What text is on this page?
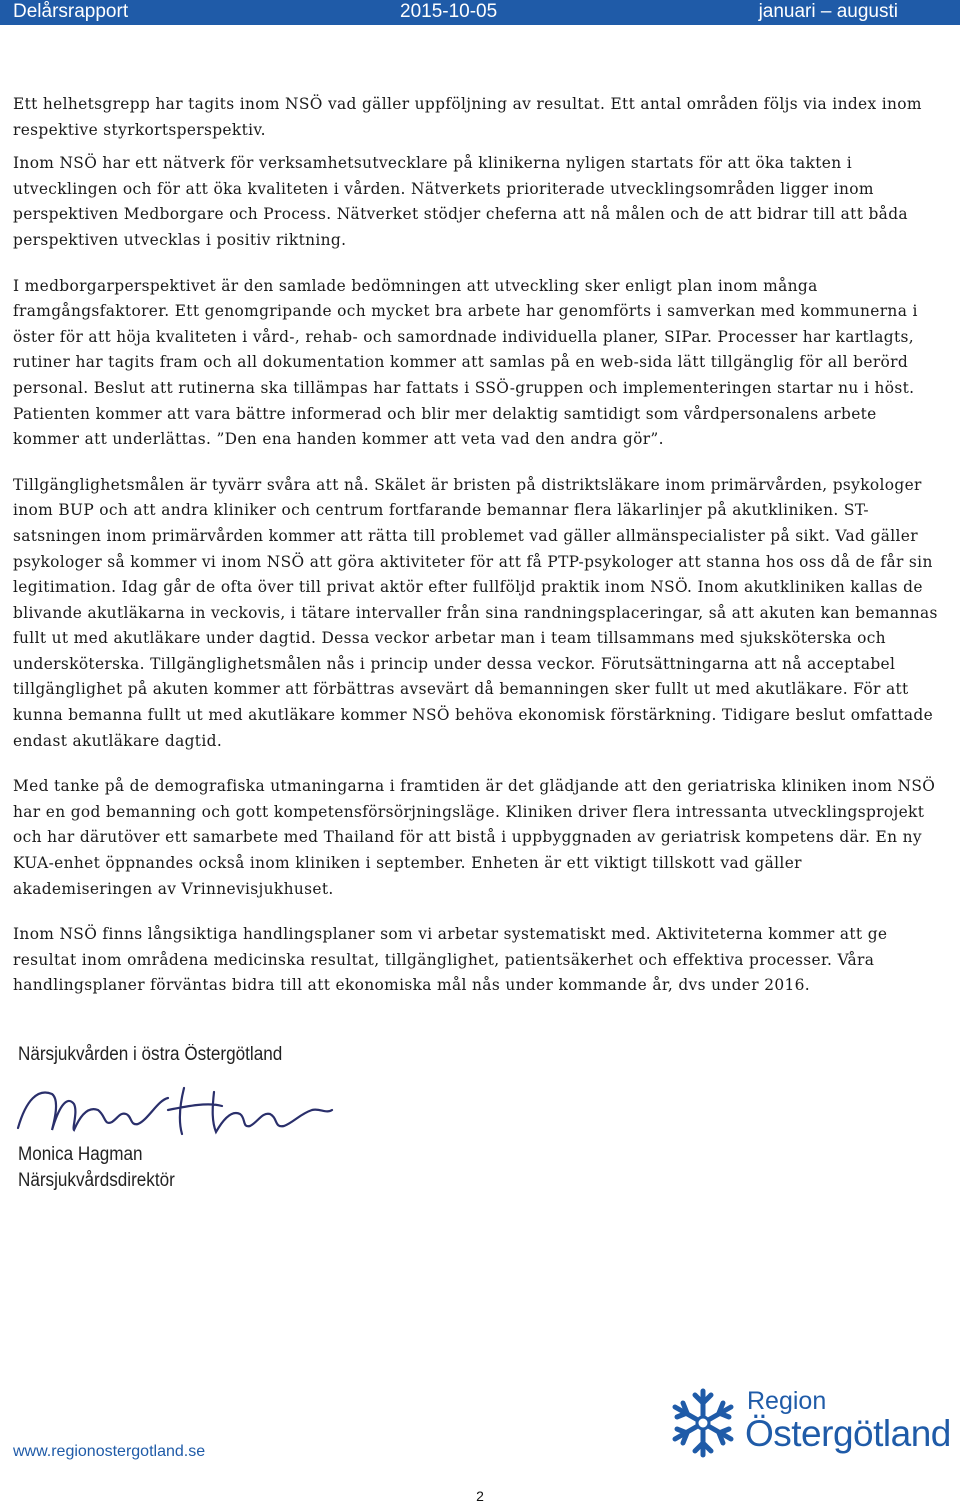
Delårsrapport	2015-10-05	januari – augusti

Ett helhetsgrepp har tagits inom NSÖ vad gäller uppföljning av resultat. Ett antal områden följs via index inom respektive styrkortsperspektiv.

Inom NSÖ har ett nätverk för verksamhetsutvecklare på klinikerna nyligen startats för att öka takten i utvecklingen och för att öka kvaliteten i vården. Nätverkets prioriterade utvecklingsområden ligger inom perspektiven Medborgare och Process. Nätverket stödjer cheferna att nå målen och de att bidrar till att båda perspektiven utvecklas i positiv riktning.

I medborgarperspektivet är den samlade bedömningen att utveckling sker enligt plan inom många framgångsfaktorer. Ett genomgripande och mycket bra arbete har genomförts i samverkan med kommunerna i öster för att höja kvaliteten i vård-, rehab- och samordnade individuella planer, SIPar. Processer har kartlagts, rutiner har tagits fram och all dokumentation kommer att samlas på en web-sida lätt tillgänglig för all berörd personal. Beslut att rutinerna ska tillämpas har fattats i SSÖ-gruppen och implementeringen startar nu i höst. Patienten kommer att vara bättre informerad och blir mer delaktig samtidigt som vårdpersonalens arbete kommer att underlättas. ”Den ena handen kommer att veta vad den andra gör”.

Tillgänglighetsmålen är tyvärr svåra att nå. Skälet är bristen på distriktsläkare inom primärvården, psykologer inom BUP och att andra kliniker och centrum fortfarande bemannar flera läkarlinjer på akutkliniken. ST-satsningen inom primärvården kommer att rätta till problemet vad gäller allmänspecialister på sikt. Vad gäller psykologer så kommer vi inom NSÖ att göra aktiviteter för att få PTP-psykologer att stanna hos oss då de får sin legitimation. Idag går de ofta över till privat aktör efter fullföljd praktik inom NSÖ. Inom akutkliniken kallas de blivande akutläkarna in veckovis, i tätare intervaller från sina randningsplaceringar, så att akuten kan bemannas fullt ut med akutläkare under dagtid. Dessa veckor arbetar man i team tillsammans med sjuksköterska och undersköterska. Tillgänglighetsmålen nås i princip under dessa veckor. Förutsättningarna att nå acceptabel tillgänglighet på akuten kommer att förbättras avsevärt då bemanningen sker fullt ut med akutläkare. För att kunna bemanna fullt ut med akutläkare kommer NSÖ behöva ekonomisk förstärkning. Tidigare beslut omfattade endast akutläkare dagtid.

Med tanke på de demografiska utmaningarna i framtiden är det glädjande att den geriatriska kliniken inom NSÖ har en god bemanning och gott kompetensförsörjningsläge. Kliniken driver flera intressanta utvecklingsprojekt och har därutöver ett samarbete med Thailand för att bistå i uppbyggnaden av geriatrisk kompetens där. En ny KUA-enhet öppnandes också inom kliniken i september. Enheten är ett viktigt tillskott vad gäller akademiseringen av Vrinnevisjukhuset.

Inom NSÖ finns långsiktiga handlingsplaner som vi arbetar systematiskt med. Aktiviteterna kommer att ge resultat inom områdena medicinska resultat, tillgänglighet, patientsäkerhet och effektiva processer. Våra handlingsplaner förväntas bidra till att ekonomiska mål nås under kommande år, dvs under 2016.

Närsjukvården i östra Östergötland
Monica Hagman
Närsjukvårdsdirektör
Region
Östergötland
www.regionostergotland.se
2
